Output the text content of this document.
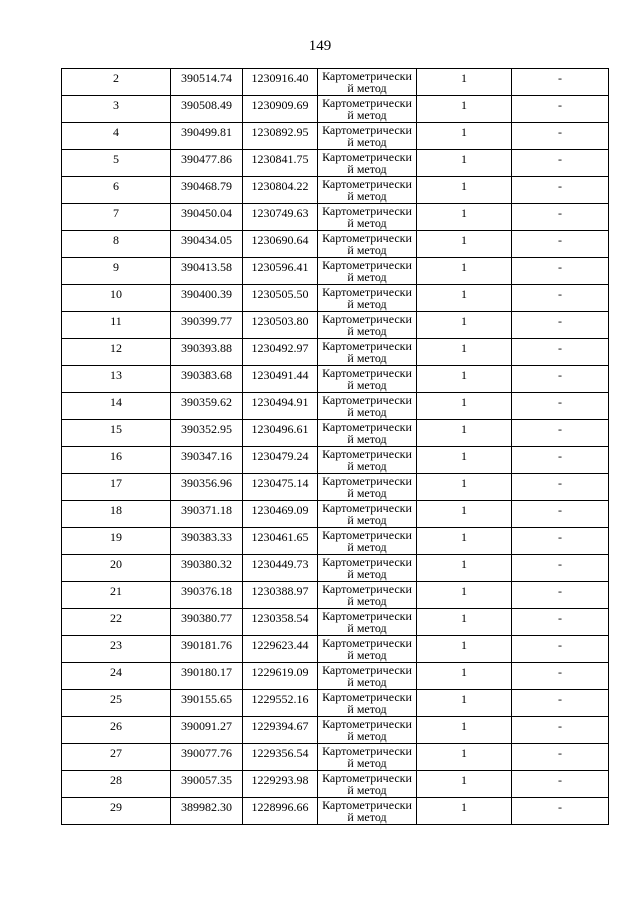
149
2	390514.74	1230916.40	Картометрически й метод	1	-
3	390508.49	1230909.69	Картометрически й метод	1	-
4	390499.81	1230892.95	Картометрически й метод	1	-
5	390477.86	1230841.75	Картометрически й метод	1	-
6	390468.79	1230804.22	Картометрически й метод	1	-
7	390450.04	1230749.63	Картометрически й метод	1	-
8	390434.05	1230690.64	Картометрически й метод	1	-
9	390413.58	1230596.41	Картометрически й метод	1	-
10	390400.39	1230505.50	Картометрически й метод	1	-
11	390399.77	1230503.80	Картометрически й метод	1	-
12	390393.88	1230492.97	Картометрически й метод	1	-
13	390383.68	1230491.44	Картометрически й метод	1	-
14	390359.62	1230494.91	Картометрически й метод	1	-
15	390352.95	1230496.61	Картометрически й метод	1	-
16	390347.16	1230479.24	Картометрически й метод	1	-
17	390356.96	1230475.14	Картометрически й метод	1	-
18	390371.18	1230469.09	Картометрически й метод	1	-
19	390383.33	1230461.65	Картометрически й метод	1	-
20	390380.32	1230449.73	Картометрически й метод	1	-
21	390376.18	1230388.97	Картометрически й метод	1	-
22	390380.77	1230358.54	Картометрически й метод	1	-
23	390181.76	1229623.44	Картометрически й метод	1	-
24	390180.17	1229619.09	Картометрически й метод	1	-
25	390155.65	1229552.16	Картометрически й метод	1	-
26	390091.27	1229394.67	Картометрически й метод	1	-
27	390077.76	1229356.54	Картометрически й метод	1	-
28	390057.35	1229293.98	Картометрически й метод	1	-
29	389982.30	1228996.66	Картометрически й метод	1	-
